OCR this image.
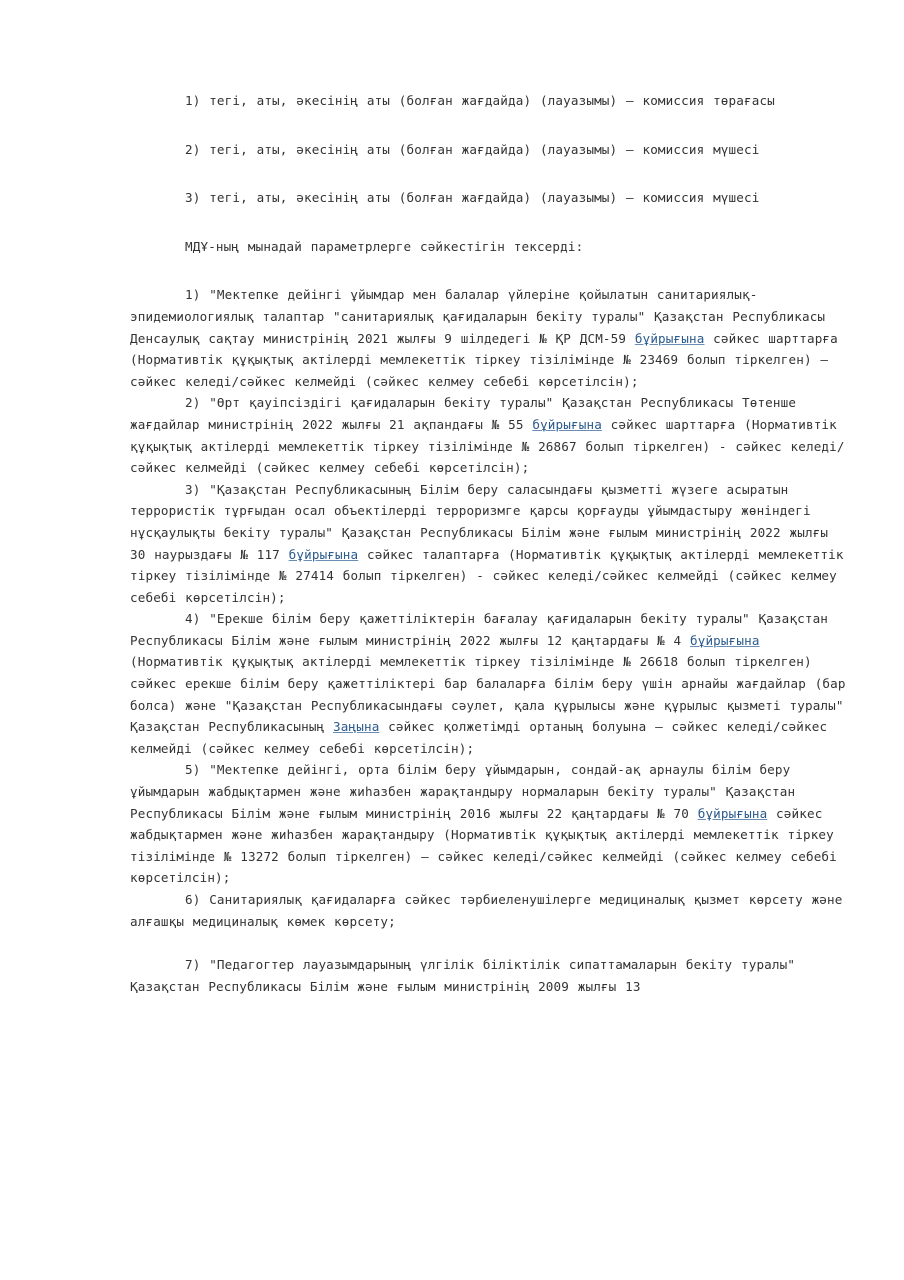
1) тегі, аты, әкесінің аты (болған жағдайда) (лауазымы) – комиссия төрағасы

2) тегі, аты, әкесінің аты (болған жағдайда) (лауазымы) – комиссия мүшесі

3) тегі, аты, әкесінің аты (болған жағдайда) (лауазымы) – комиссия мүшесі

МДҰ-ның мынадай параметрлерге сәйкестігін тексерді:

1) "Мектепке дейінгі ұйымдар мен балалар үйлеріне қойылатын санитариялық-эпидемиологиялық талаптар "санитариялық қағидаларын бекіту туралы" Қазақстан Республикасы Денсаулық сақтау министрінің 2021 жылғы 9 шілдедегі № ҚР ДСМ-59 бұйрығына сәйкес шарттарға (Нормативтік құқықтық актілерді мемлекеттік тіркеу тізілімінде № 23469 болып тіркелген) – сәйкес келеді/сәйкес келмейді (сәйкес келмеу себебі көрсетілсін);

2) "Өрт қауіпсіздігі қағидаларын бекіту туралы" Қазақстан Республикасы Төтенше жағдайлар министрінің 2022 жылғы 21 ақпандағы № 55 бұйрығына сәйкес шарттарға (Нормативтік құқықтық актілерді мемлекеттік тіркеу тізілімінде № 26867 болып тіркелген) - сәйкес келеді/сәйкес келмейді (сәйкес келмеу себебі көрсетілсін);

3) "Қазақстан Республикасының Білім беру саласындағы қызметті жүзеге асыратын террористік тұрғыдан осал объектілерді терроризмге қарсы қорғауды ұйымдастыру жөніндегі нұсқаулықты бекіту туралы" Қазақстан Республикасы Білім және ғылым министрінің 2022 жылғы 30 наурыздағы № 117 бұйрығына сәйкес талаптарға (Нормативтік құқықтық актілерді мемлекеттік тіркеу тізілімінде № 27414 болып тіркелген) - сәйкес келеді/сәйкес келмейді (сәйкес келмеу себебі көрсетілсін);

4) "Ерекше білім беру қажеттіліктерін бағалау қағидаларын бекіту туралы" Қазақстан Республикасы Білім және ғылым министрінің 2022 жылғы 12 қаңтардағы № 4 бұйрығына (Нормативтік құқықтық актілерді мемлекеттік тіркеу тізілімінде № 26618 болып тіркелген) сәйкес ерекше білім беру қажеттіліктері бар балаларға білім беру үшін арнайы жағдайлар (бар болса) және "Қазақстан Республикасындағы сәулет, қала құрылысы және құрылыс қызметі туралы" Қазақстан Республикасының Заңына сәйкес қолжетімді ортаның болуына – сәйкес келеді/сәйкес келмейді (сәйкес келмеу себебі көрсетілсін);

5) "Мектепке дейінгі, орта білім беру ұйымдарын, сондай-ақ арнаулы білім беру ұйымдарын жабдықтармен және жиһазбен жарақтандыру нормаларын бекіту туралы" Қазақстан Республикасы Білім және ғылым министрінің 2016 жылғы 22 қаңтардағы № 70 бұйрығына сәйкес жабдықтармен және жиһазбен жарақтандыру (Нормативтік құқықтық актілерді мемлекеттік тіркеу тізілімінде № 13272 болып тіркелген) – сәйкес келеді/сәйкес келмейді (сәйкес келмеу себебі көрсетілсін);

6) Санитариялық қағидаларға сәйкес тәрбиеленушілерге медициналық қызмет көрсету және алғашқы медициналық көмек көрсету;

7) "Педагогтер лауазымдарының үлгілік біліктілік сипаттамаларын бекіту туралы" Қазақстан Республикасы Білім және ғылым министрінің 2009 жылғы 13
